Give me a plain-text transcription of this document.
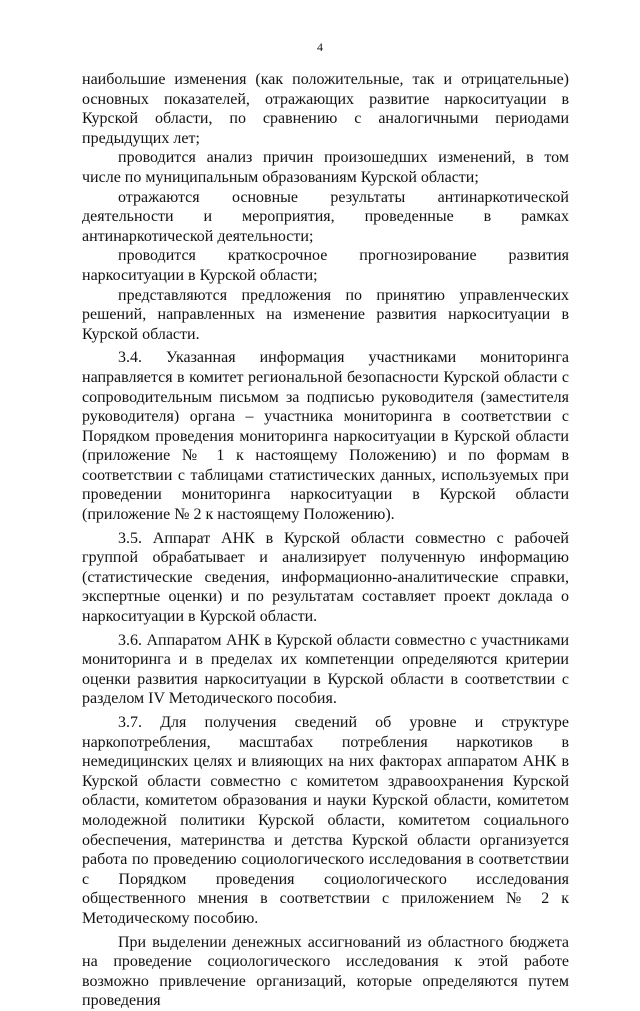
4

наибольшие изменения (как положительные, так и отрицательные) основных показателей, отражающих развитие наркоситуации в Курской области, по сравнению с аналогичными периодами предыдущих лет;

проводится анализ причин произошедших изменений, в том числе по муниципальным образованиям Курской области;

отражаются основные результаты антинаркотической деятельности и мероприятия, проведенные в рамках антинаркотической деятельности;

проводится краткосрочное прогнозирование развития наркоситуации в Курской области;

представляются предложения по принятию управленческих решений, направленных на изменение развития наркоситуации в Курской области.

3.4. Указанная информация участниками мониторинга направляется в комитет региональной безопасности Курской области с сопроводительным письмом за подписью руководителя (заместителя руководителя) органа – участника мониторинга в соответствии с Порядком проведения мониторинга наркоситуации в Курской области (приложение № 1 к настоящему Положению) и по формам в соответствии с таблицами статистических данных, используемых при проведении мониторинга наркоситуации в Курской области (приложение № 2 к настоящему Положению).

3.5. Аппарат АНК в Курской области совместно с рабочей группой обрабатывает и анализирует полученную информацию (статистические сведения, информационно-аналитические справки, экспертные оценки) и по результатам составляет проект доклада о наркоситуации в Курской области.

3.6. Аппаратом АНК в Курской области совместно с участниками мониторинга и в пределах их компетенции определяются критерии оценки развития наркоситуации в Курской области в соответствии с разделом IV Методического пособия.

3.7. Для получения сведений об уровне и структуре наркопотребления, масштабах потребления наркотиков в немедицинских целях и влияющих на них факторах аппаратом АНК в Курской области совместно с комитетом здравоохранения Курской области, комитетом образования и науки Курской области, комитетом молодежной политики Курской области, комитетом социального обеспечения, материнства и детства Курской области организуется работа по проведению социологического исследования в соответствии с Порядком проведения социологического исследования общественного мнения в соответствии с приложением № 2 к Методическому пособию.

При выделении денежных ассигнований из областного бюджета на проведение социологического исследования к этой работе возможно привлечение организаций, которые определяются путем проведения
